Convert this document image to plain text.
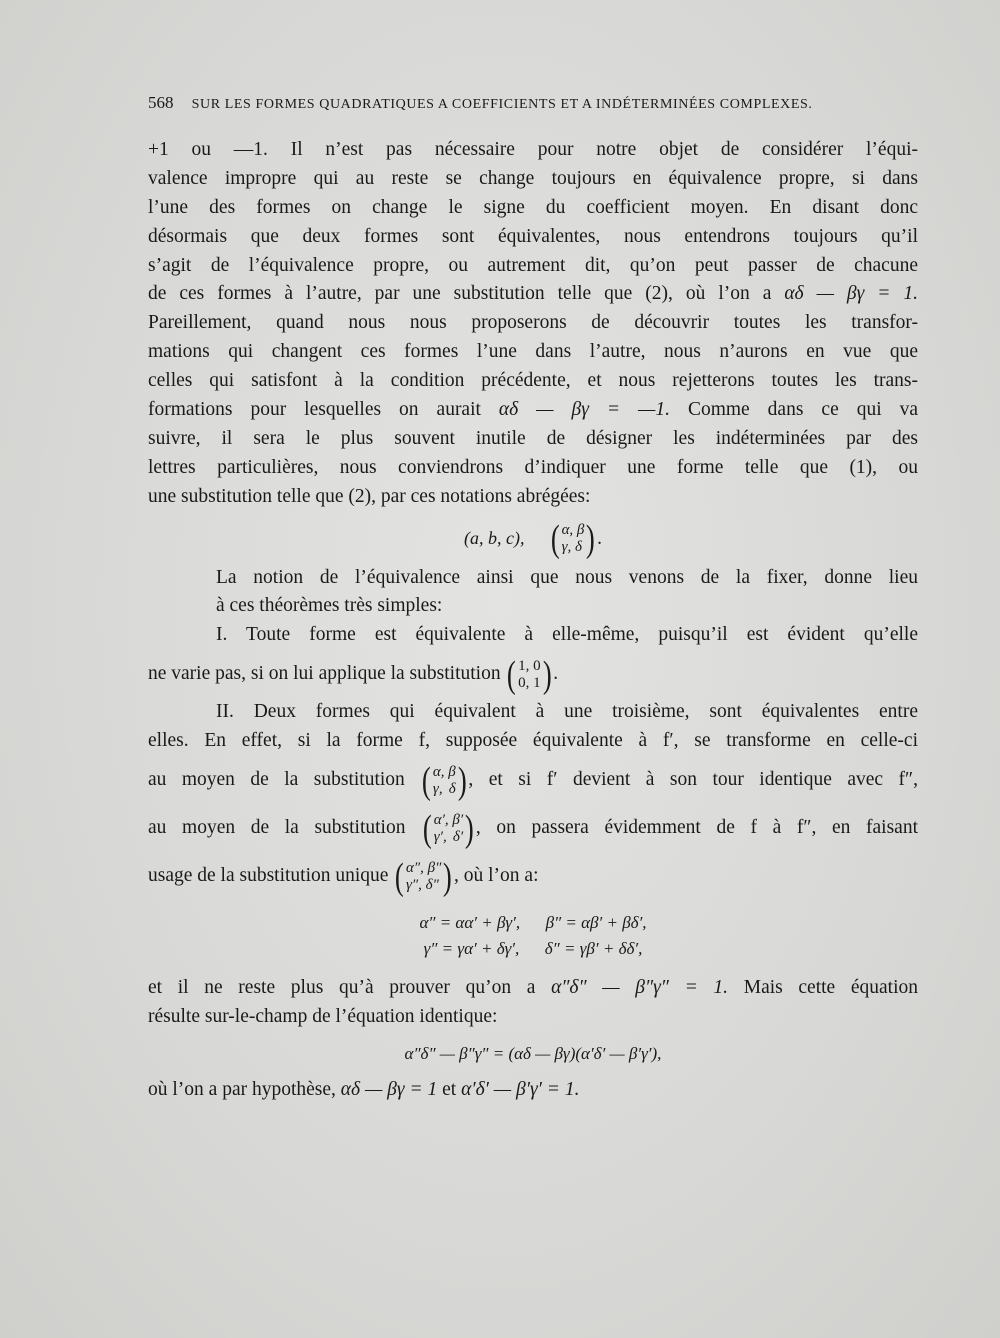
568 SUR LES FORMES QUADRATIQUES A COEFFICIENTS ET A INDÉTERMINÉES COMPLEXES.
+1 ou —1. Il n’est pas nécessaire pour notre objet de considérer l’équi-
valence impropre qui au reste se change toujours en équivalence propre, si dans
l’une des formes on change le signe du coefficient moyen. En disant donc
désormais que deux formes sont équivalentes, nous entendrons toujours qu’il
s’agit de l’équivalence propre, ou autrement dit, qu’on peut passer de chacune
de ces formes à l’autre, par une substitution telle que (2), où l’on a αδ — βγ = 1.
Pareillement, quand nous nous proposerons de découvrir toutes les transfor-
mations qui changent ces formes l’une dans l’autre, nous n’aurons en vue que
celles qui satisfont à la condition précédente, et nous rejetterons toutes les trans-
formations pour lesquelles on aurait αδ — βγ = —1. Comme dans ce qui va
suivre, il sera le plus souvent inutile de désigner les indéterminées par des
lettres particulières, nous conviendrons d’indiquer une forme telle que (1), ou
une substitution telle que (2), par ces notations abrégées:
(a, b, c), ( α, β
γ, δ ) .
La notion de l’équivalence ainsi que nous venons de la fixer, donne lieu
à ces théorèmes très simples:
I. Toute forme est équivalente à elle-même, puisqu’il est évident qu’elle
ne varie pas, si on lui applique la substitution ( 1, 0
0, 1 ) .
II. Deux formes qui équivalent à une troisième, sont équivalentes entre
elles. En effet, si la forme f, supposée équivalente à f′, se transforme en celle-ci
au moyen de la substitution ( α, β
γ, δ ) , et si f′ devient à son tour identique avec f″,
au moyen de la substitution ( α′, β′
γ′, δ′ ) , on passera évidemment de f à f″, en faisant
usage de la substitution unique ( α″, β″
γ″, δ″ ) , où l’on a:
α″ = αα′ + βγ′,      β″ = αβ′ + βδ′,
γ″ = γα′ + δγ′,      δ″ = γβ′ + δδ′,
et il ne reste plus qu’à prouver qu’on a α″δ″ — β″γ″ = 1. Mais cette équation
résulte sur-le-champ de l’équation identique:
α″δ″ — β″γ″ = (αδ — βγ)(α′δ′ — β′γ′),
où l’on a par hypothèse, αδ — βγ = 1 et α′δ′ — β′γ′ = 1.
